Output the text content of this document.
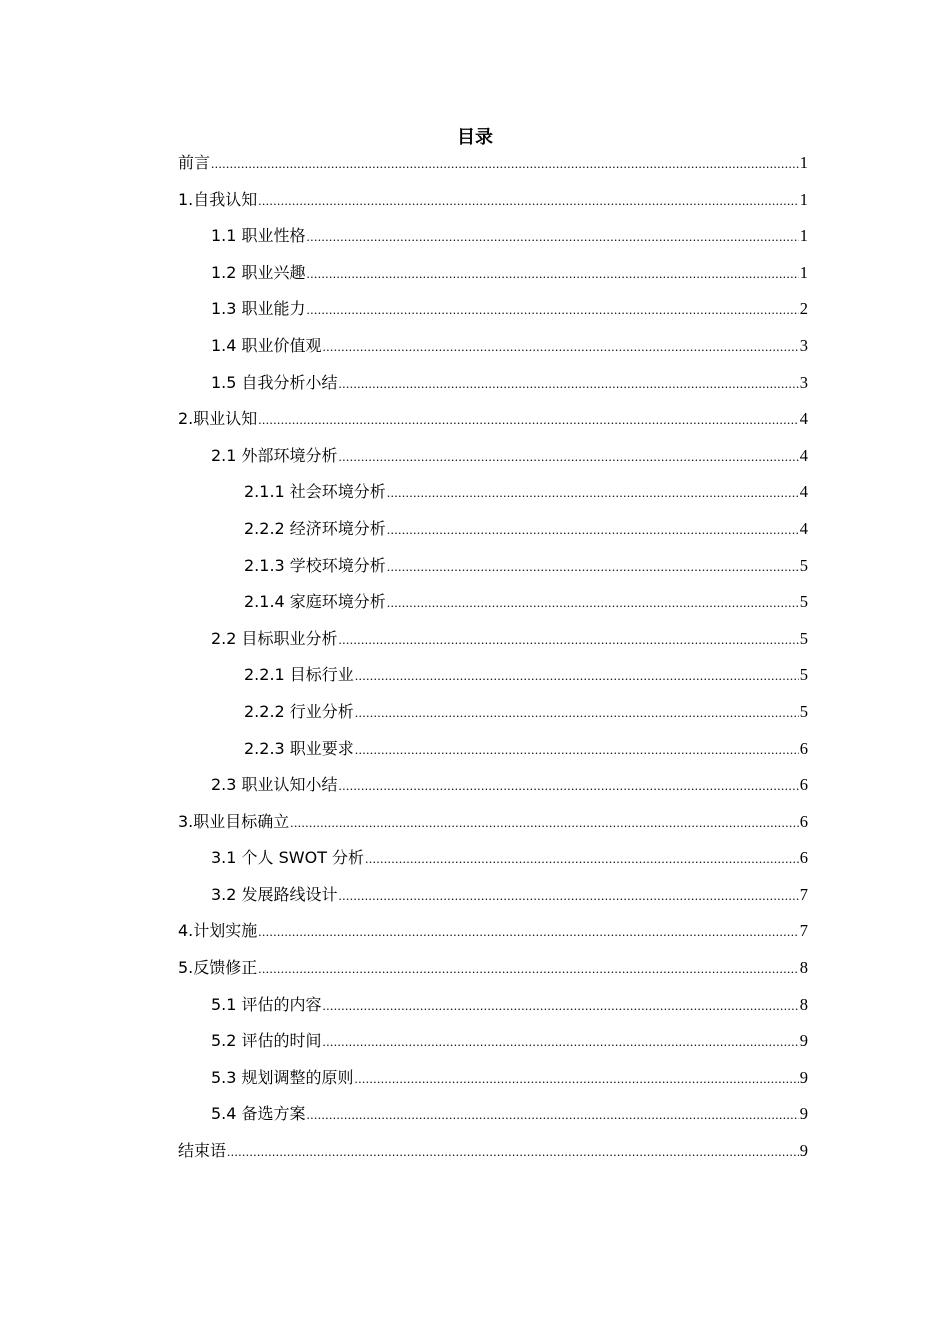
目录
前言 .....	1
1.自我认知 .....	1
1.1 职业性格 .....	1
1.2 职业兴趣 .....	1
1.3 职业能力 .....	2
1.4 职业价值观 .....	3
1.5 自我分析小结 .....	3
2.职业认知 .....	4
2.1 外部环境分析 .....	4
2.1.1 社会环境分析 .....	4
2.2.2 经济环境分析 .....	4
2.1.3 学校环境分析 .....	5
2.1.4 家庭环境分析 .....	5
2.2 目标职业分析 .....	5
2.2.1 目标行业 .....	5
2.2.2 行业分析 .....	5
2.2.3 职业要求 .....	6
2.3 职业认知小结 .....	6
3.职业目标确立 .....	6
3.1 个人 SWOT 分析 .....	6
3.2 发展路线设计 .....	7
4.计划实施 .....	7
5.反馈修正 .....	8
5.1 评估的内容 .....	8
5.2 评估的时间 .....	9
5.3 规划调整的原则 .....	9
5.4 备选方案 .....	9
结束语 .....	9
